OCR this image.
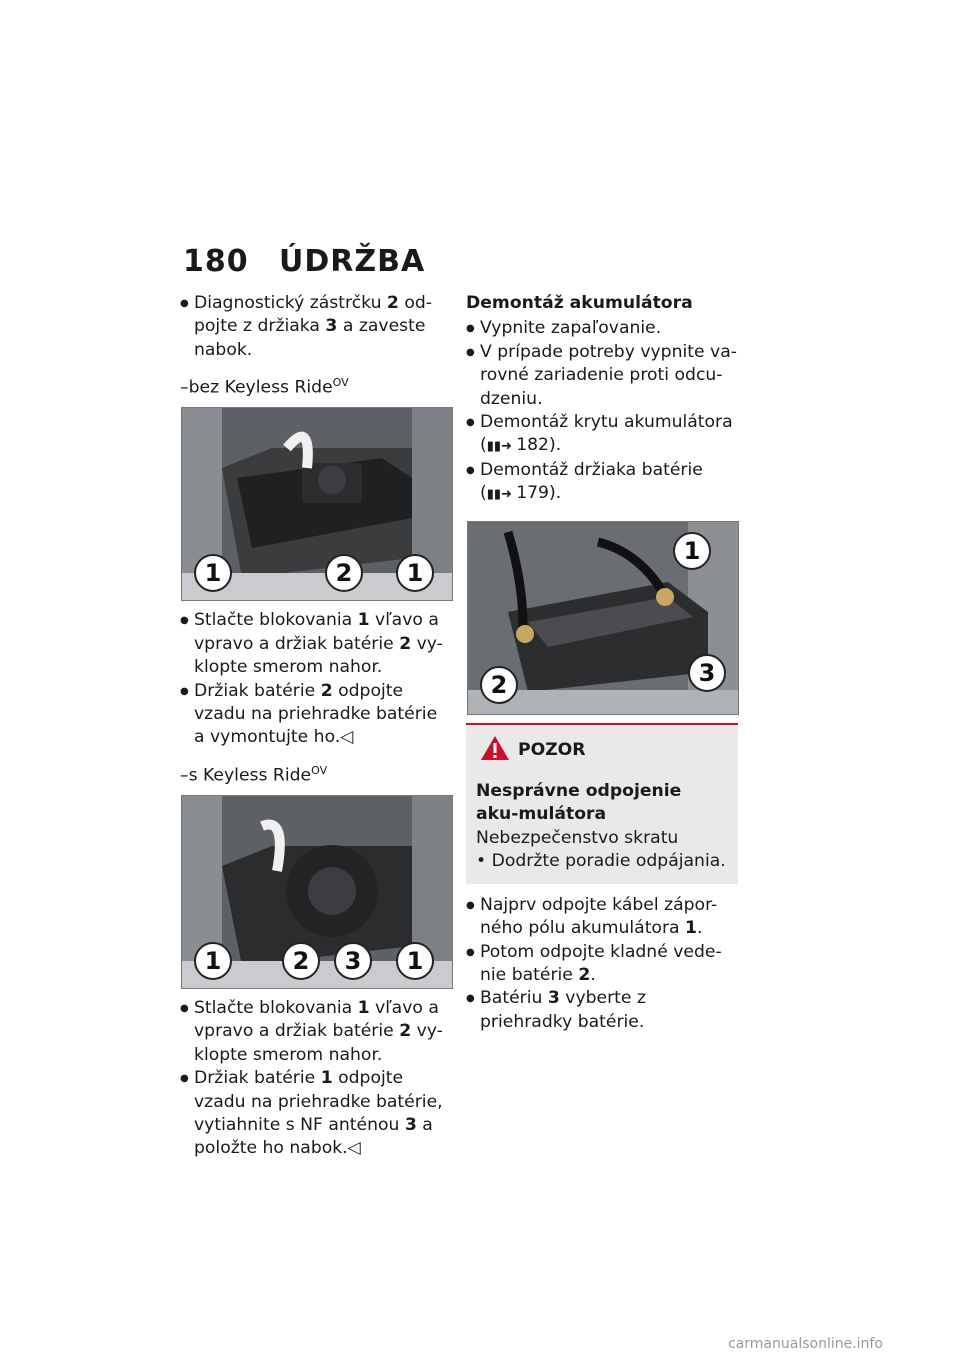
180 ÚDRŽBA

● Diagnostický zástrčku 2 od-pojte z držiaka 3 a zaveste nabok.

–bez Keyless Ride$^{OV}$
1	2	1

● Stlačte blokovania 1 vľavo a vpravo a držiak batérie 2 vy-klopte smerom nahor.

● Držiak batérie 2 odpojte vzadu na priehradke batérie a vymontujte ho.◁

–s Keyless Ride$^{OV}$
1	2	3	1

● Stlačte blokovania 1 vľavo a vpravo a držiak batérie 2 vy-klopte smerom nahor.

● Držiak batérie 1 odpojte vzadu na priehradke batérie, vytiahnite s NF anténou 3 a položte ho nabok.◁

Demontáž akumulátora

● Vypnite zapaľovanie.

● V prípade potreby vypnite va-rovné zariadenie proti odcu-dzeniu.

● Demontáž krytu akumulátora
(▮▮➜ 182).

● Demontáž držiaka batérie
(▮▮➜ 179).

1
2	3
POZOR
Nesprávne odpojenie aku-mulátora
Nebezpečenstvo skratu
• Dodržte poradie odpájania.

● Najprv odpojte kábel zápor-ného pólu akumulátora 1.

● Potom odpojte kladné vede-nie batérie 2.

● Batériu 3 vyberte z priehradky batérie.

carmanualsonline.info
